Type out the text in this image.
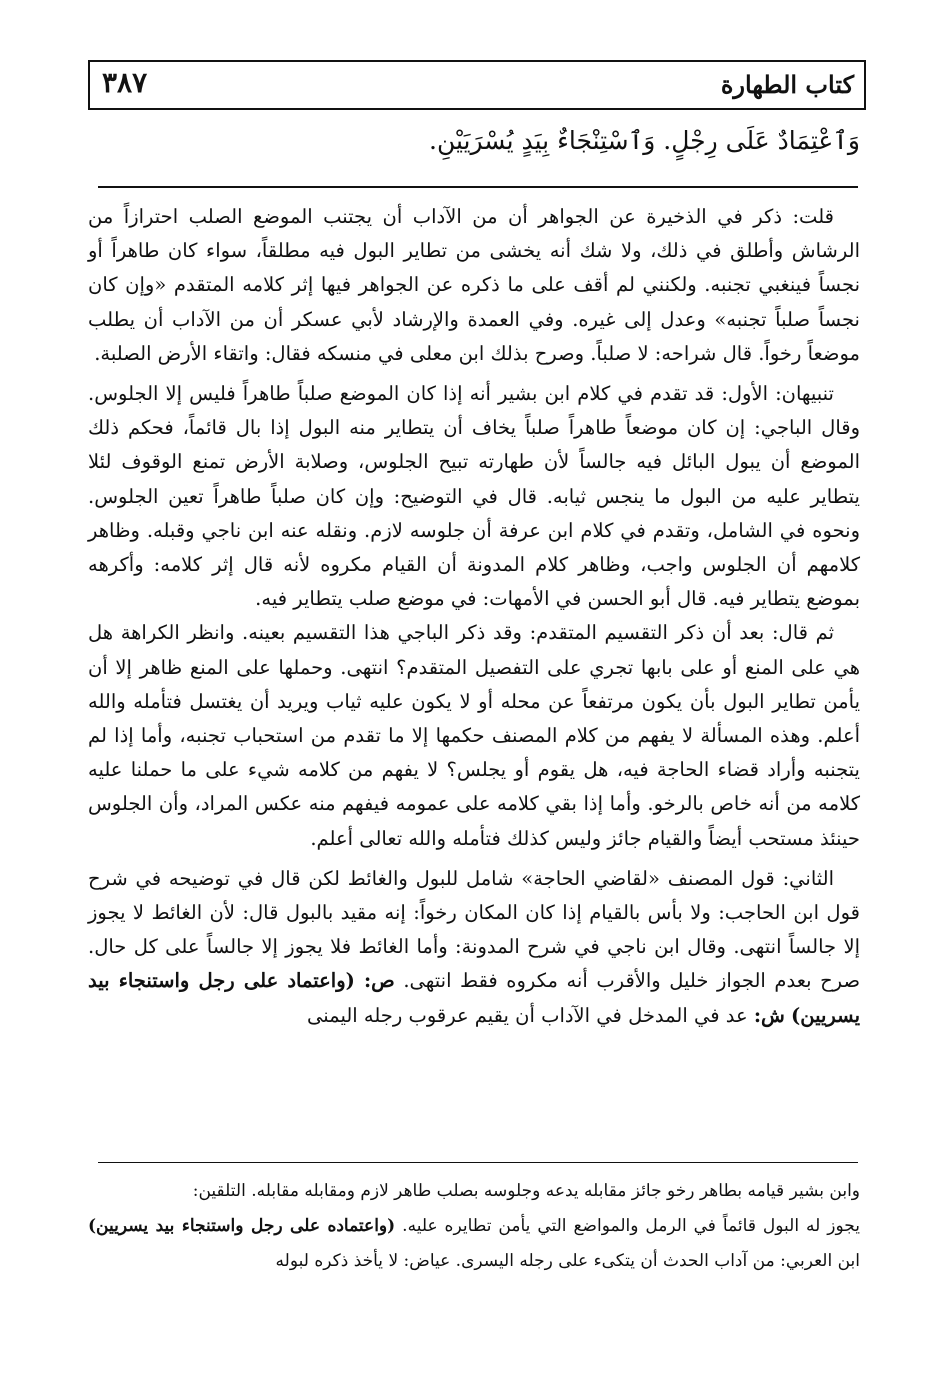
كتاب الطهارة
٣٨٧
وَٱعْتِمَادٌ عَلَى رِجْلٍ. وَٱسْتِنْجَاءٌ بِيَدٍ يُسْرَيَيْنِ.

قلت: ذكر في الذخيرة عن الجواهر أن من الآداب أن يجتنب الموضع الصلب احترازاً من الرشاش وأطلق في ذلك، ولا شك أنه يخشى من تطاير البول فيه مطلقاً، سواء كان طاهراً أو نجساً فينغبي تجنبه. ولكنني لم أقف على ما ذكره عن الجواهر فيها إثر كلامه المتقدم «وإن كان نجساً صلباً تجنبه» وعدل إلى غيره. وفي العمدة والإرشاد لأبي عسكر أن من الآداب أن يطلب موضعاً رخواً. قال شراحه: لا صلباً. وصرح بذلك ابن معلى في منسكه فقال: واتقاء الأرض الصلبة.

تنبيهان: الأول: قد تقدم في كلام ابن بشير أنه إذا كان الموضع صلباً طاهراً فليس إلا الجلوس. وقال الباجي: إن كان موضعاً طاهراً صلباً يخاف أن يتطاير منه البول إذا بال قائماً، فحكم ذلك الموضع أن يبول البائل فيه جالساً لأن طهارته تبيح الجلوس، وصلابة الأرض تمنع الوقوف لئلا يتطاير عليه من البول ما ينجس ثيابه. قال في التوضيح: وإن كان صلباً طاهراً تعين الجلوس. ونحوه في الشامل، وتقدم في كلام ابن عرفة أن جلوسه لازم. ونقله عنه ابن ناجي وقبله. وظاهر كلامهم أن الجلوس واجب، وظاهر كلام المدونة أن القيام مكروه لأنه قال إثر كلامه: وأكرهه بموضع يتطاير فيه. قال أبو الحسن في الأمهات: في موضع صلب يتطاير فيه.

ثم قال: بعد أن ذكر التقسيم المتقدم: وقد ذكر الباجي هذا التقسيم بعينه. وانظر الكراهة هل هي على المنع أو على بابها تجري على التفصيل المتقدم؟ انتهى. وحملها على المنع ظاهر إلا أن يأمن تطاير البول بأن يكون مرتفعاً عن محله أو لا يكون عليه ثياب ويريد أن يغتسل فتأمله والله أعلم. وهذه المسألة لا يفهم من كلام المصنف حكمها إلا ما تقدم من استحباب تجنبه، وأما إذا لم يتجنبه وأراد قضاء الحاجة فيه، هل يقوم أو يجلس؟ لا يفهم من كلامه شيء على ما حملنا عليه كلامه من أنه خاص بالرخو. وأما إذا بقي كلامه على عمومه فيفهم منه عكس المراد، وأن الجلوس حينئذ مستحب أيضاً والقيام جائز وليس كذلك فتأمله والله تعالى أعلم.

الثاني: قول المصنف «لقاضي الحاجة» شامل للبول والغائط لكن قال في توضيحه في شرح قول ابن الحاجب: ولا بأس بالقيام إذا كان المكان رخواً: إنه مقيد بالبول قال: لأن الغائط لا يجوز إلا جالساً انتهى. وقال ابن ناجي في شرح المدونة: وأما الغائط فلا يجوز إلا جالساً على كل حال. صرح بعدم الجواز خليل والأقرب أنه مكروه فقط انتهى. ص: (واعتماد على رجل واستنجاء بيد يسريين) ش: عد في المدخل في الآداب أن يقيم عرقوب رجله اليمنى

وابن بشير قيامه بطاهر رخو جائز مقابله يدعه وجلوسه بصلب طاهر لازم ومقابله مقابله. التلقين:

يجوز له البول قائماً في الرمل والمواضع التي يأمن تطايره عليه. (واعتماده على رجل واستنجاء بيد يسريين) ابن العربي: من آداب الحدث أن يتكىء على رجله اليسرى. عياض: لا يأخذ ذكره لبوله
